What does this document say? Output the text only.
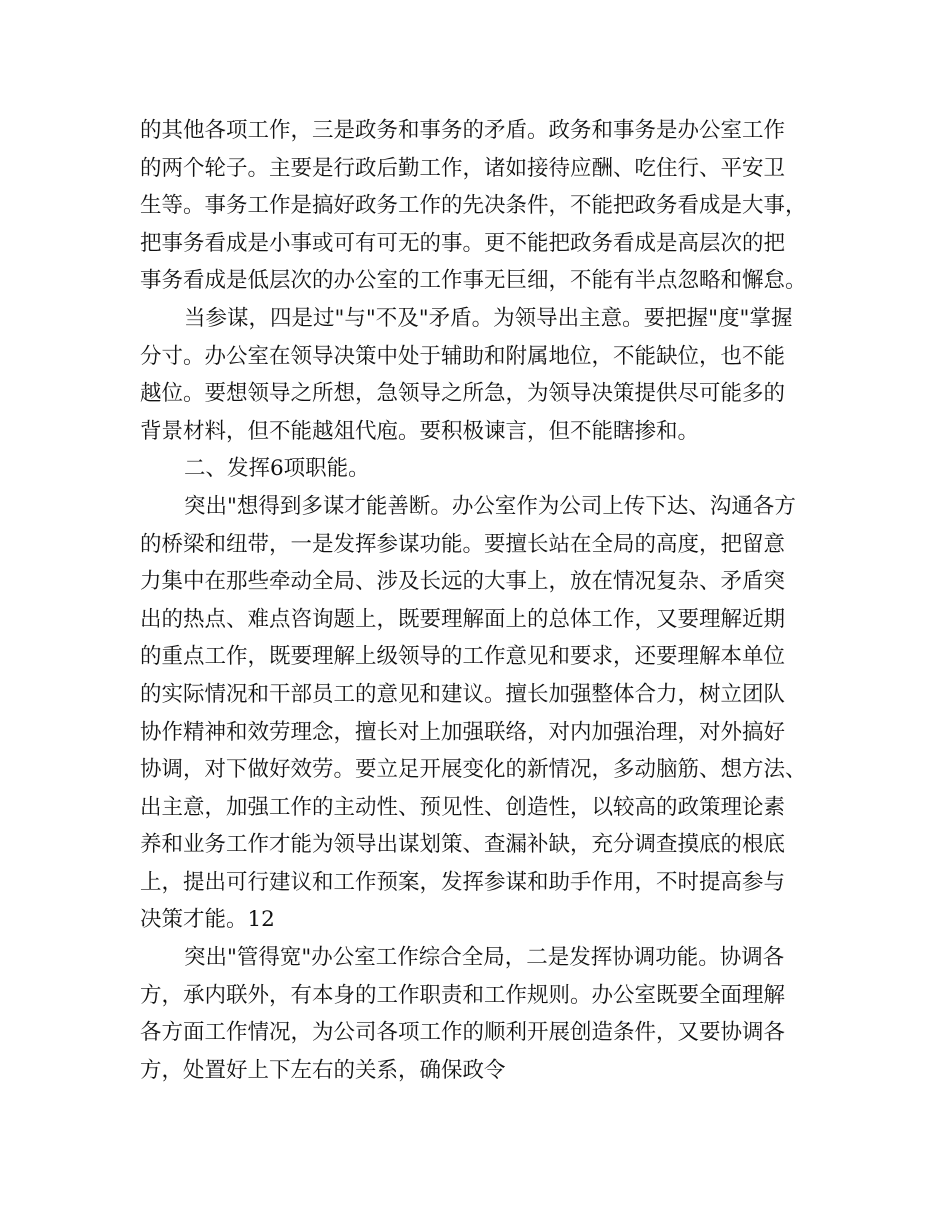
的其他各项工作，三是政务和事务的矛盾。政务和事务是办公室工作
的两个轮子。主要是行政后勤工作，诸如接待应酬、吃住行、平安卫
生等。事务工作是搞好政务工作的先决条件，不能把政务看成是大事，
把事务看成是小事或可有可无的事。更不能把政务看成是高层次的把
事务看成是低层次的办公室的工作事无巨细，不能有半点忽略和懈怠。
当参谋，四是过"与"不及"矛盾。为领导出主意。要把握"度"掌握
分寸。办公室在领导决策中处于辅助和附属地位，不能缺位，也不能
越位。要想领导之所想，急领导之所急，为领导决策提供尽可能多的
背景材料，但不能越俎代庖。要积极谏言，但不能瞎掺和。
二、发挥6项职能。
突出"想得到多谋才能善断。办公室作为公司上传下达、沟通各方
的桥梁和纽带，一是发挥参谋功能。要擅长站在全局的高度，把留意
力集中在那些牵动全局、涉及长远的大事上，放在情况复杂、矛盾突
出的热点、难点咨询题上，既要理解面上的总体工作，又要理解近期
的重点工作，既要理解上级领导的工作意见和要求，还要理解本单位
的实际情况和干部员工的意见和建议。擅长加强整体合力，树立团队
协作精神和效劳理念，擅长对上加强联络，对内加强治理，对外搞好
协调，对下做好效劳。要立足开展变化的新情况，多动脑筋、想方法、
出主意，加强工作的主动性、预见性、创造性，以较高的政策理论素
养和业务工作才能为领导出谋划策、查漏补缺，充分调查摸底的根底
上，提出可行建议和工作预案，发挥参谋和助手作用，不时提高参与
决策才能。12
突出"管得宽"办公室工作综合全局，二是发挥协调功能。协调各
方，承内联外，有本身的工作职责和工作规则。办公室既要全面理解
各方面工作情况，为公司各项工作的顺利开展创造条件，又要协调各
方，处置好上下左右的关系，确保政令
